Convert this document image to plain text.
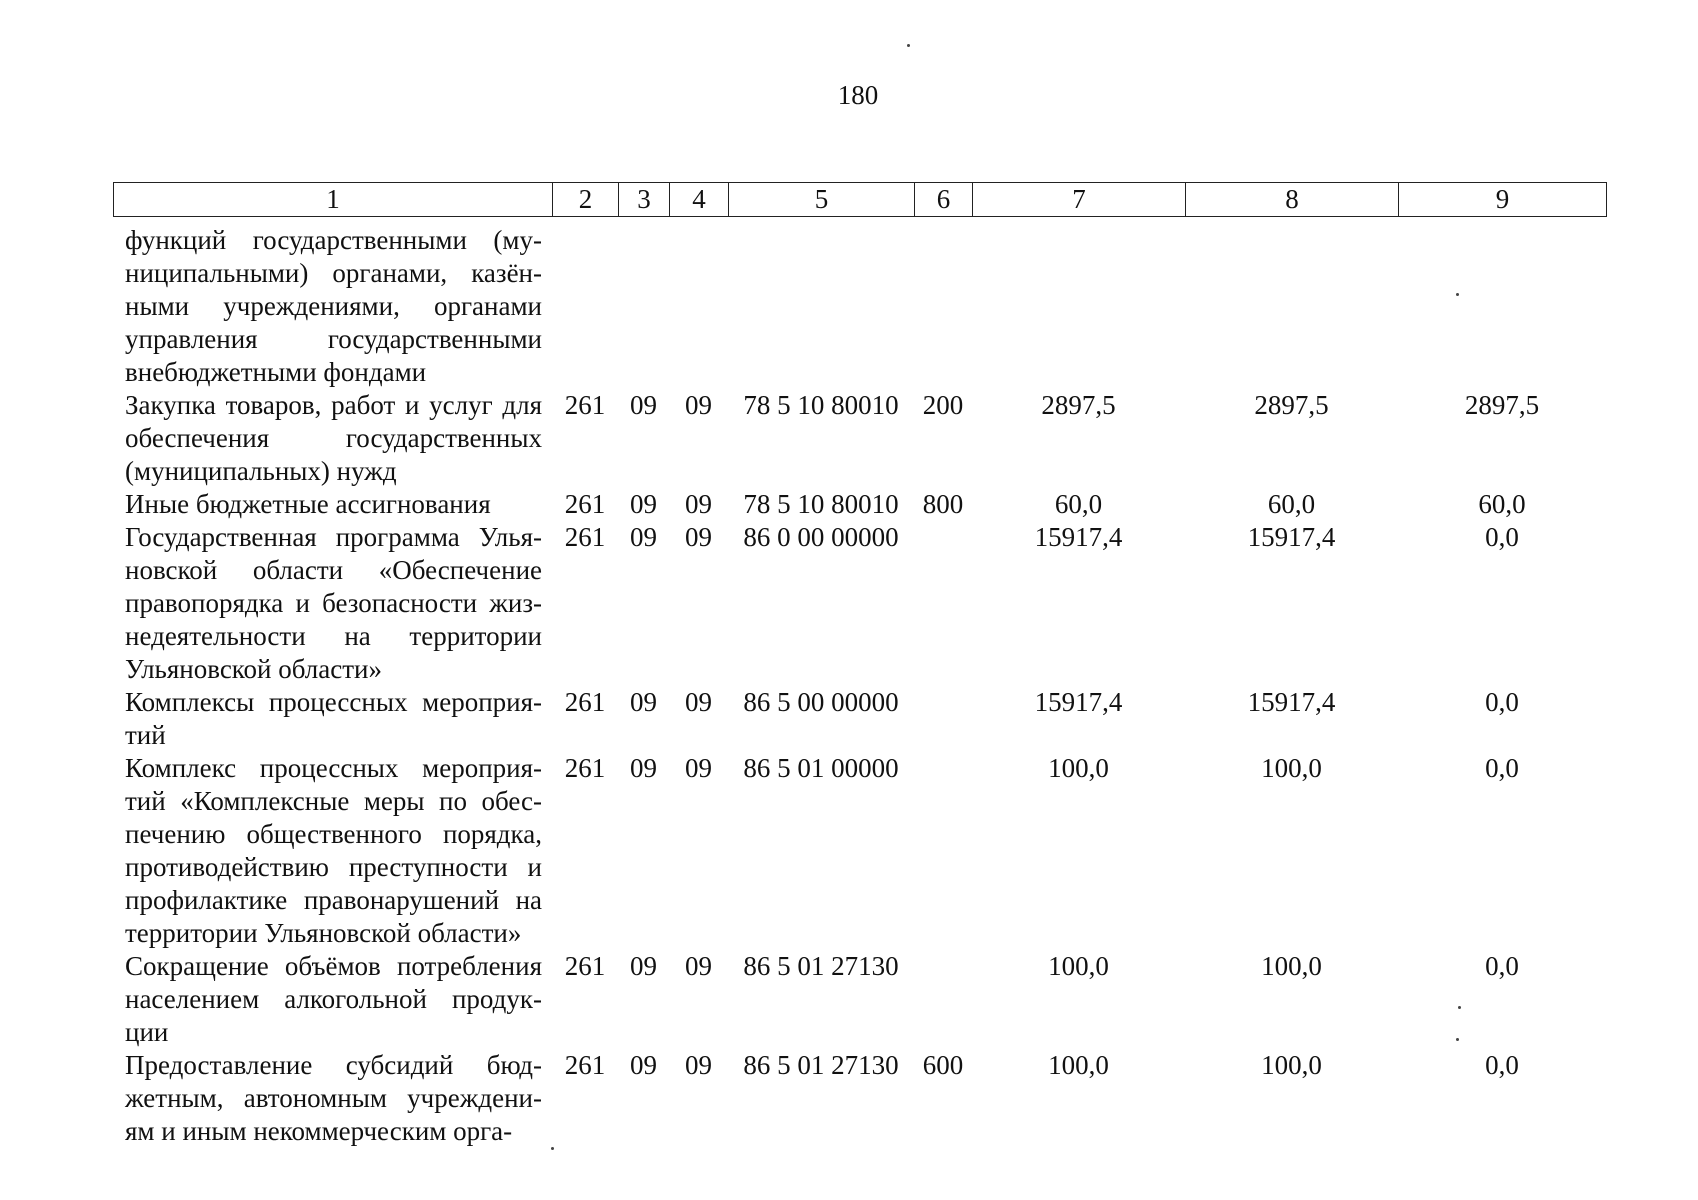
180
1	2	3	4	5	6	7	8	9
функций государственными (му- ниципальными) органами, казён- ными учреждениями, органами управления государственными внебюджетными фондами								
Закупка товаров, работ и услуг для обеспечения государственных (муниципальных) нужд	261	09	09	78 5 10 80010	200	2897,5	2897,5	2897,5
Иные бюджетные ассигнования	261	09	09	78 5 10 80010	800	60,0	60,0	60,0
Государственная программа Улья- новской области «Обеспечение правопорядка и безопасности жиз- недеятельности на территории Ульяновской области»	261	09	09	86 0 00 00000		15917,4	15917,4	0,0
Комплексы процессных мероприя- тий	261	09	09	86 5 00 00000		15917,4	15917,4	0,0
Комплекс процессных мероприя- тий «Комплексные меры по обес- печению общественного порядка, противодействию преступности и профилактике правонарушений на территории Ульяновской области»	261	09	09	86 5 01 00000		100,0	100,0	0,0
Сокращение объёмов потребления населением алкогольной продук- ции	261	09	09	86 5 01 27130		100,0	100,0	0,0
Предоставление субсидий бюд- жетным, автономным учреждени- ям и иным некоммерческим орга-	261	09	09	86 5 01 27130	600	100,0	100,0	0,0
